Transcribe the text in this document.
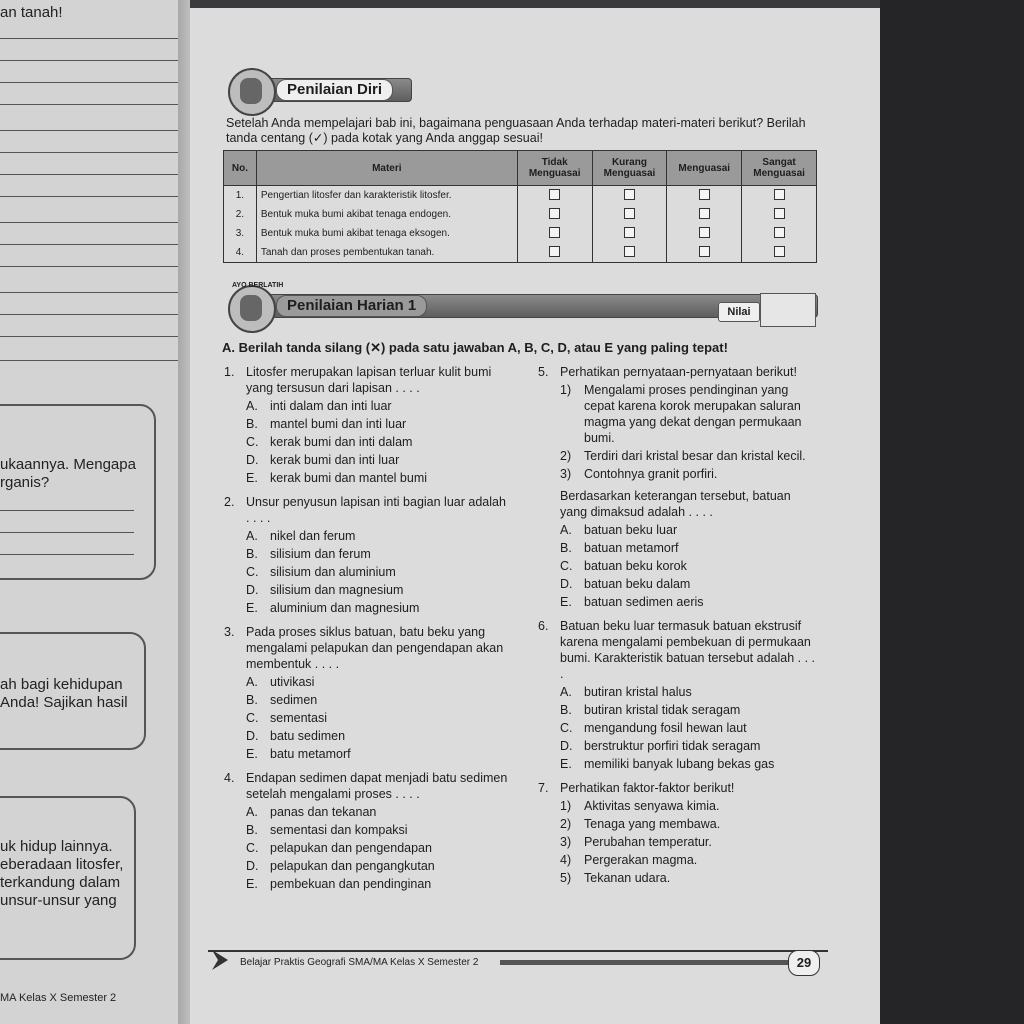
an tanah!
ukaannya. Mengapa
rganis?
ah bagi kehidupan
Anda! Sajikan hasil
uk hidup lainnya.
eberadaan litosfer,
terkandung dalam
unsur-unsur yang
MA Kelas X Semester 2
Penilaian Diri
Setelah Anda mempelajari bab ini, bagaimana penguasaan Anda terhadap materi-materi berikut? Berilah tanda centang (✓) pada kotak yang Anda anggap sesuai!
No.	Materi	Tidak Menguasai	Kurang Menguasai	Menguasai	Sangat Menguasai
1.	Pengertian litosfer dan karakteristik litosfer.				
2.	Bentuk muka bumi akibat tenaga endogen.				
3.	Bentuk muka bumi akibat tenaga eksogen.				
4.	Tanah dan proses pembentukan tanah.				
AYO BERLATIH
Penilaian Harian 1	Nilai
A. Berilah tanda silang (✕) pada satu jawaban A, B, C, D, atau E yang paling tepat!
1. Litosfer merupakan lapisan terluar kulit bumi yang tersusun dari lapisan . . . .
A. inti dalam dan inti luar
B. mantel bumi dan inti luar
C. kerak bumi dan inti dalam
D. kerak bumi dan inti luar
E. kerak bumi dan mantel bumi
2. Unsur penyusun lapisan inti bagian luar adalah . . . .
A. nikel dan ferum
B. silisium dan ferum
C. silisium dan aluminium
D. silisium dan magnesium
E. aluminium dan magnesium
3. Pada proses siklus batuan, batu beku yang mengalami pelapukan dan pengendapan akan membentuk . . . .
A. utivikasi
B. sedimen
C. sementasi
D. batu sedimen
E. batu metamorf
4. Endapan sedimen dapat menjadi batu sedimen setelah mengalami proses . . . .
A. panas dan tekanan
B. sementasi dan kompaksi
C. pelapukan dan pengendapan
D. pelapukan dan pengangkutan
E. pembekuan dan pendinginan
5. Perhatikan pernyataan-pernyataan berikut!
1) Mengalami proses pendinginan yang cepat karena korok merupakan saluran magma yang dekat dengan permukaan bumi.
2) Terdiri dari kristal besar dan kristal kecil.
3) Contohnya granit porfiri.
Berdasarkan keterangan tersebut, batuan yang dimaksud adalah . . . .
A. batuan beku luar
B. batuan metamorf
C. batuan beku korok
D. batuan beku dalam
E. batuan sedimen aeris
6. Batuan beku luar termasuk batuan ekstrusif karena mengalami pembekuan di permukaan bumi. Karakteristik batuan tersebut adalah . . . .
A. butiran kristal halus
B. butiran kristal tidak seragam
C. mengandung fosil hewan laut
D. berstruktur porfiri tidak seragam
E. memiliki banyak lubang bekas gas
7. Perhatikan faktor-faktor berikut!
1) Aktivitas senyawa kimia.
2) Tenaga yang membawa.
3) Perubahan temperatur.
4) Pergerakan magma.
5) Tekanan udara.
Belajar Praktis Geografi SMA/MA Kelas X Semester 2	29
